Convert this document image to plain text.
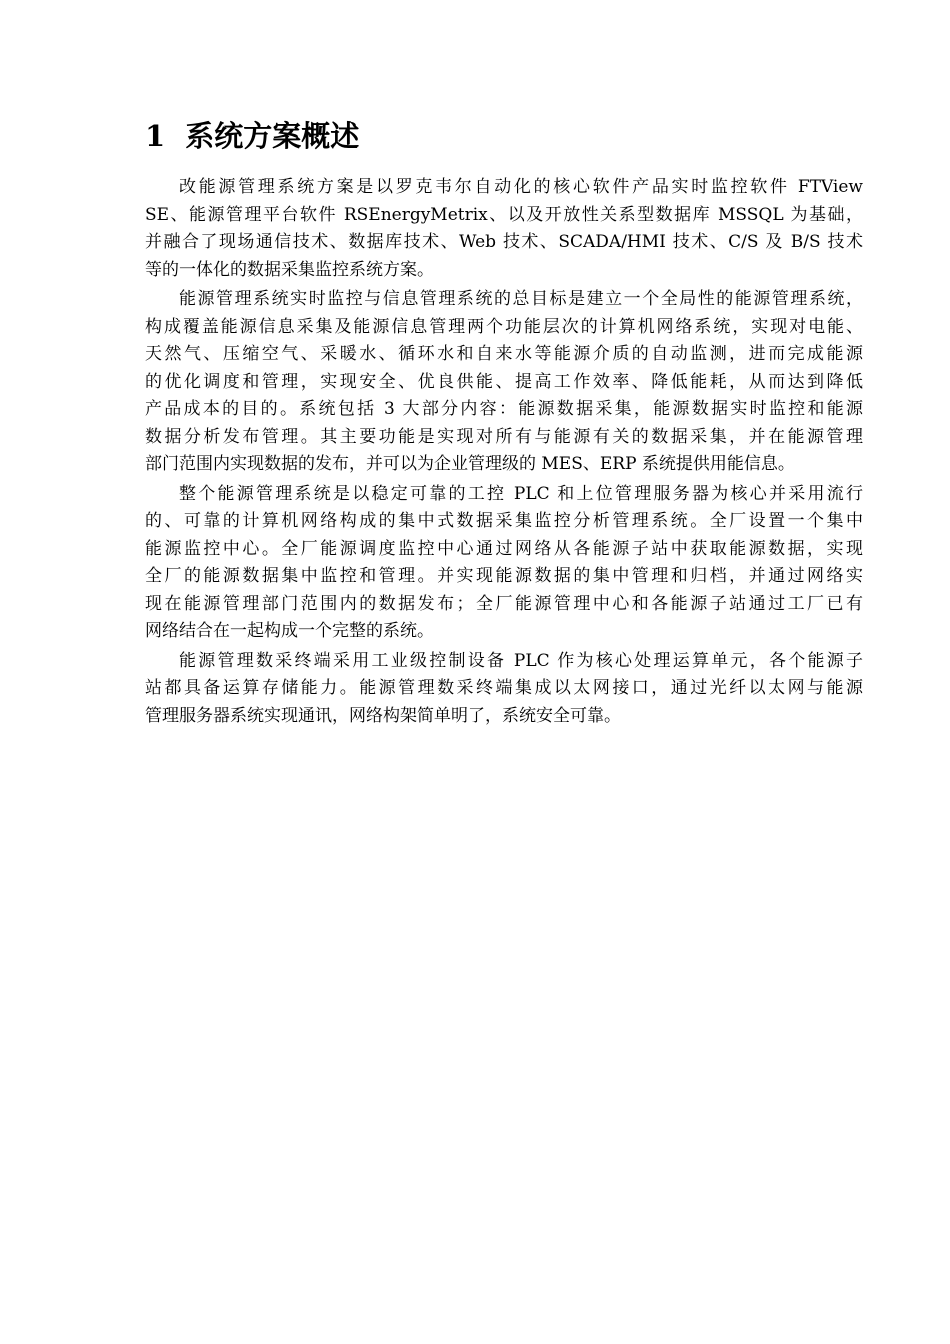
1 系统方案概述

改能源管理系统方案是以罗克韦尔自动化的核心软件产品实时监控软件 FTView
SE、能源管理平台软件 RSEnergyMetrix、以及开放性关系型数据库 MSSQL 为基础，
并融合了现场通信技术、数据库技术、Web 技术、SCADA/HMI 技术、C/S 及 B/S 技术
等的一体化的数据采集监控系统方案。

能源管理系统实时监控与信息管理系统的总目标是建立一个全局性的能源管理系统，
构成覆盖能源信息采集及能源信息管理两个功能层次的计算机网络系统，实现对电能、
天然气、压缩空气、采暖水、循环水和自来水等能源介质的自动监测，进而完成能源
的优化调度和管理，实现安全、优良供能、提高工作效率、降低能耗，从而达到降低
产品成本的目的。系统包括 3 大部分内容：能源数据采集，能源数据实时监控和能源
数据分析发布管理。其主要功能是实现对所有与能源有关的数据采集，并在能源管理
部门范围内实现数据的发布，并可以为企业管理级的 MES、ERP 系统提供用能信息。

整个能源管理系统是以稳定可靠的工控 PLC 和上位管理服务器为核心并采用流行
的、可靠的计算机网络构成的集中式数据采集监控分析管理系统。全厂设置一个集中
能源监控中心。全厂能源调度监控中心通过网络从各能源子站中获取能源数据，实现
全厂的能源数据集中监控和管理。并实现能源数据的集中管理和归档，并通过网络实
现在能源管理部门范围内的数据发布；全厂能源管理中心和各能源子站通过工厂已有
网络结合在一起构成一个完整的系统。

能源管理数采终端采用工业级控制设备 PLC 作为核心处理运算单元，各个能源子
站都具备运算存储能力。能源管理数采终端集成以太网接口，通过光纤以太网与能源
管理服务器系统实现通讯，网络构架简单明了，系统安全可靠。
